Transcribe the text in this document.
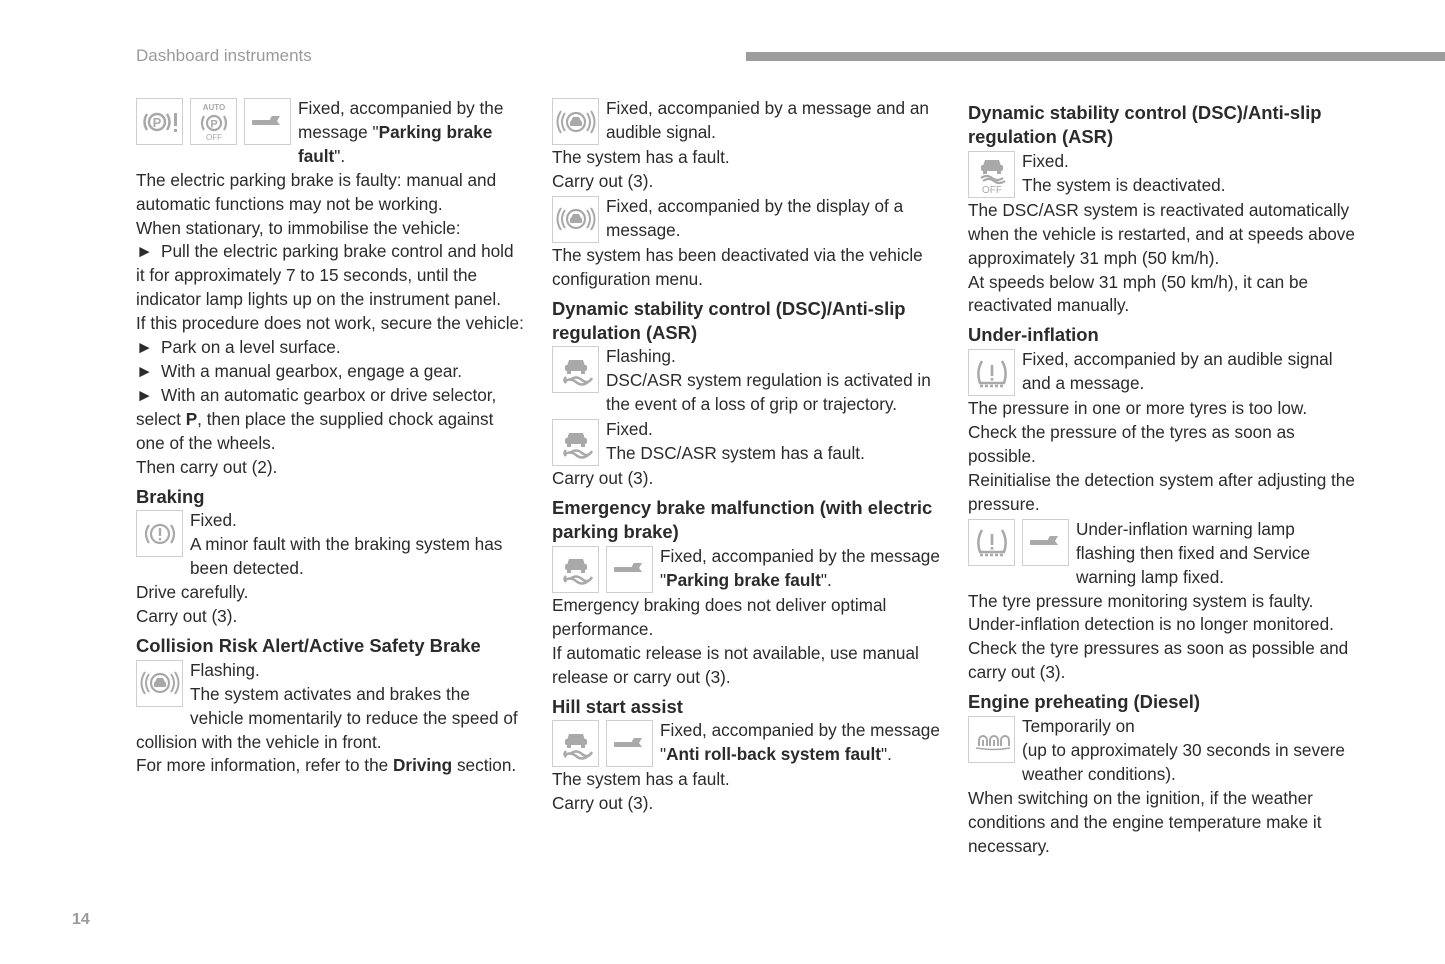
Dashboard instruments
P
AUTO
P
OFF
Fixed, accompanied by the message "Parking brake fault".
The electric parking brake is faulty: manual and automatic functions may not be working.
When stationary, to immobilise the vehicle:
► Pull the electric parking brake control and hold it for approximately 7 to 15 seconds, until the indicator lamp lights up on the instrument panel.
If this procedure does not work, secure the vehicle:
► Park on a level surface.
► With a manual gearbox, engage a gear.
► With an automatic gearbox or drive selector, select P, then place the supplied chock against one of the wheels.
Then carry out (2).
Braking
Fixed.
A minor fault with the braking system has been detected.
Drive carefully.
Carry out (3).
Collision Risk Alert/Active Safety Brake
Flashing.
The system activates and brakes the vehicle momentarily to reduce the speed of collision with the vehicle in front.
For more information, refer to the Driving section.
Fixed, accompanied by a message and an audible signal.
The system has a fault.
Carry out (3).
Fixed, accompanied by the display of a message.
The system has been deactivated via the vehicle configuration menu.
Dynamic stability control (DSC)/Anti-slip regulation (ASR)
Flashing.
DSC/ASR system regulation is activated in the event of a loss of grip or trajectory.
Fixed.
The DSC/ASR system has a fault.
Carry out (3).
Emergency brake malfunction (with electric parking brake)
Fixed, accompanied by the message "Parking brake fault".
Emergency braking does not deliver optimal performance.
If automatic release is not available, use manual release or carry out (3).
Hill start assist
Fixed, accompanied by the message "Anti roll-back system fault".
The system has a fault.
Carry out (3).
Dynamic stability control (DSC)/Anti-slip regulation (ASR)
OFF
Fixed.
The system is deactivated.
The DSC/ASR system is reactivated automatically when the vehicle is restarted, and at speeds above approximately 31 mph (50 km/h).
At speeds below 31 mph (50 km/h), it can be reactivated manually.
Under-inflation
Fixed, accompanied by an audible signal and a message.
The pressure in one or more tyres is too low.
Check the pressure of the tyres as soon as possible.
Reinitialise the detection system after adjusting the pressure.
Under-inflation warning lamp flashing then fixed and Service warning lamp fixed.
The tyre pressure monitoring system is faulty.
Under-inflation detection is no longer monitored.
Check the tyre pressures as soon as possible and carry out (3).
Engine preheating (Diesel)
Temporarily on
(up to approximately 30 seconds in severe weather conditions).
When switching on the ignition, if the weather conditions and the engine temperature make it necessary.
14
